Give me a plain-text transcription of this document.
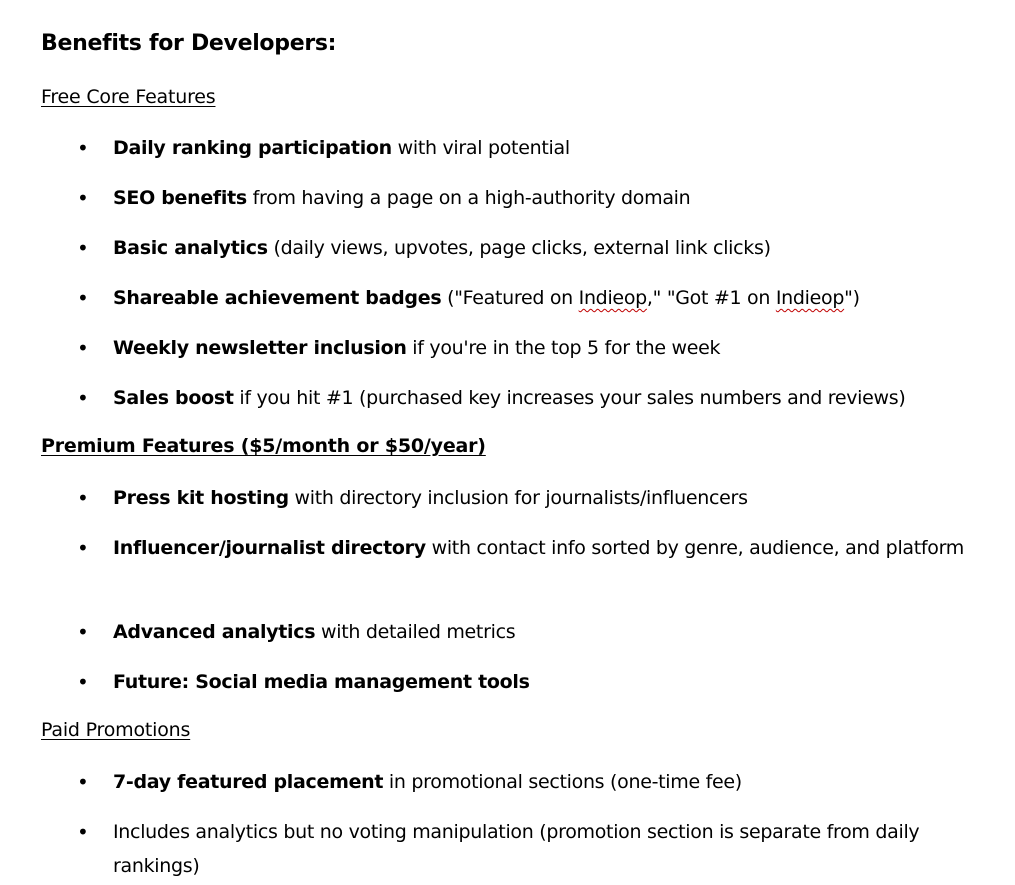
Benefits for Developers:
Free Core Features
• Daily ranking participation with viral potential
• SEO benefits from having a page on a high-authority domain
• Basic analytics (daily views, upvotes, page clicks, external link clicks)
• Shareable achievement badges ("Featured on Indieop," "Got #1 on Indieop")
• Weekly newsletter inclusion if you're in the top 5 for the week
• Sales boost if you hit #1 (purchased key increases your sales numbers and reviews)
Premium Features ($5/month or $50/year)
• Press kit hosting with directory inclusion for journalists/influencers
• Influencer/journalist directory with contact info sorted by genre, audience, and platform
• Advanced analytics with detailed metrics
• Future: Social media management tools
Paid Promotions
• 7-day featured placement in promotional sections (one-time fee)
• Includes analytics but no voting manipulation (promotion section is separate from daily rankings)
